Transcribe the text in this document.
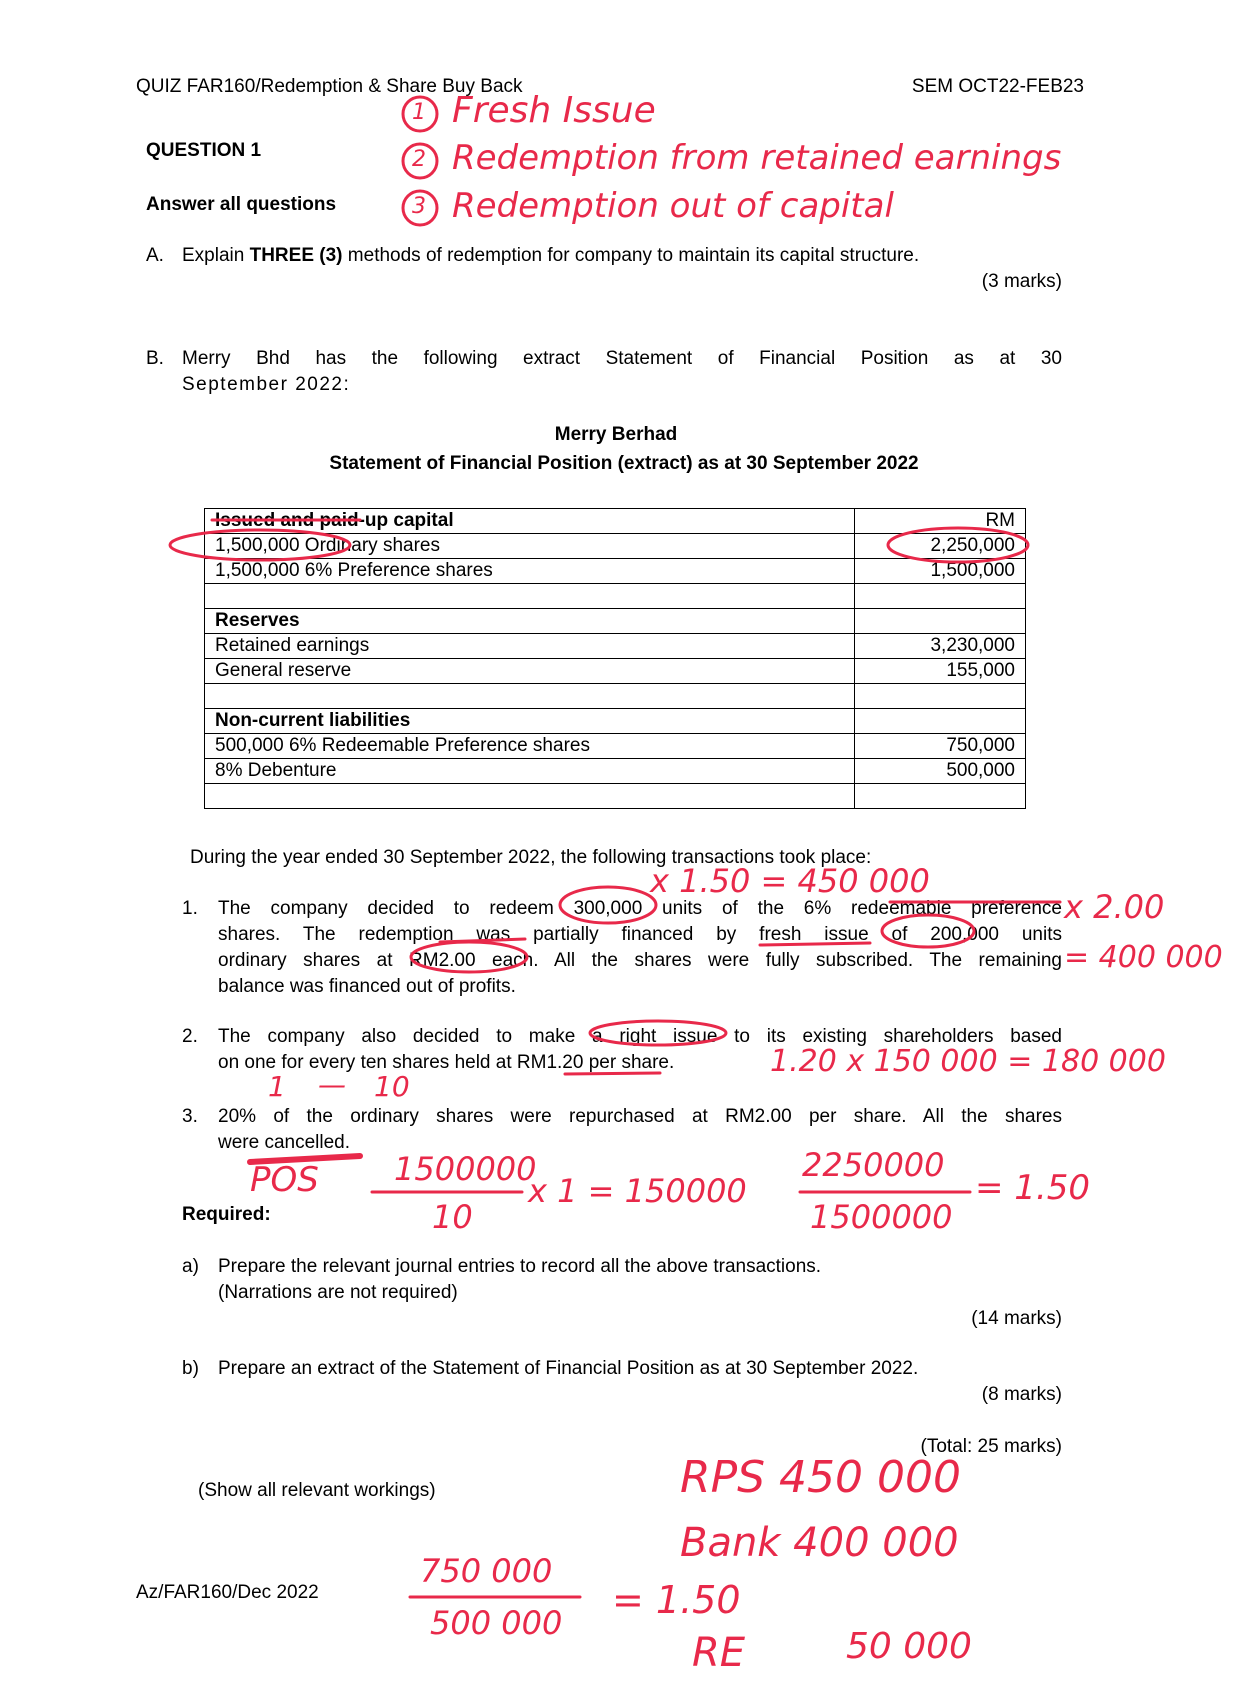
QUIZ FAR160/Redemption & Share Buy Back	SEM OCT22-FEB23
QUESTION 1
Answer all questions
A. Explain THREE (3) methods of redemption for company to maintain its capital structure.
(3 marks)
B. Merry Bhd has the following extract Statement of Financial Position as at 30
September 2022:
Merry Berhad
Statement of Financial Position (extract) as at 30 September 2022
Issued and paid-up capital	RM
1,500,000 Ordinary shares	2,250,000
1,500,000 6% Preference shares	1,500,000

Reserves	
Retained earnings	3,230,000
General reserve	155,000

Non-current liabilities	
500,000 6% Redeemable Preference shares	750,000
8% Debenture	500,000

During the year ended 30 September 2022, the following transactions took place:
1. The company decided to redeem 300,000 units of the 6% redeemable preference
shares. The redemption was partially financed by fresh issue of 200,000 units
ordinary shares at RM2.00 each. All the shares were fully subscribed. The remaining
balance was financed out of profits.
2. The company also decided to make a right issue to its existing shareholders based
on one for every ten shares held at RM1.20 per share.
3. 20% of the ordinary shares were repurchased at RM2.00 per share. All the shares
were cancelled.
Required:
a) Prepare the relevant journal entries to record all the above transactions.
(Narrations are not required)
(14 marks)
b) Prepare an extract of the Statement of Financial Position as at 30 September 2022.
(8 marks)
(Total: 25 marks)
(Show all relevant workings)
Az/FAR160/Dec 2022
1
2
3
Fresh Issue
Redemption from retained earnings
Redemption out of capital
x 1.50 = 450 000
x 2.00
= 400 000
1.20 x 150 000 = 180 000
1 — 10
POS 1500000
10
x 1 = 150000
2250000
1500000
= 1.50
RPS 450 000
Bank 400 000
750 000
500 000
= 1.50
RE	50 000
